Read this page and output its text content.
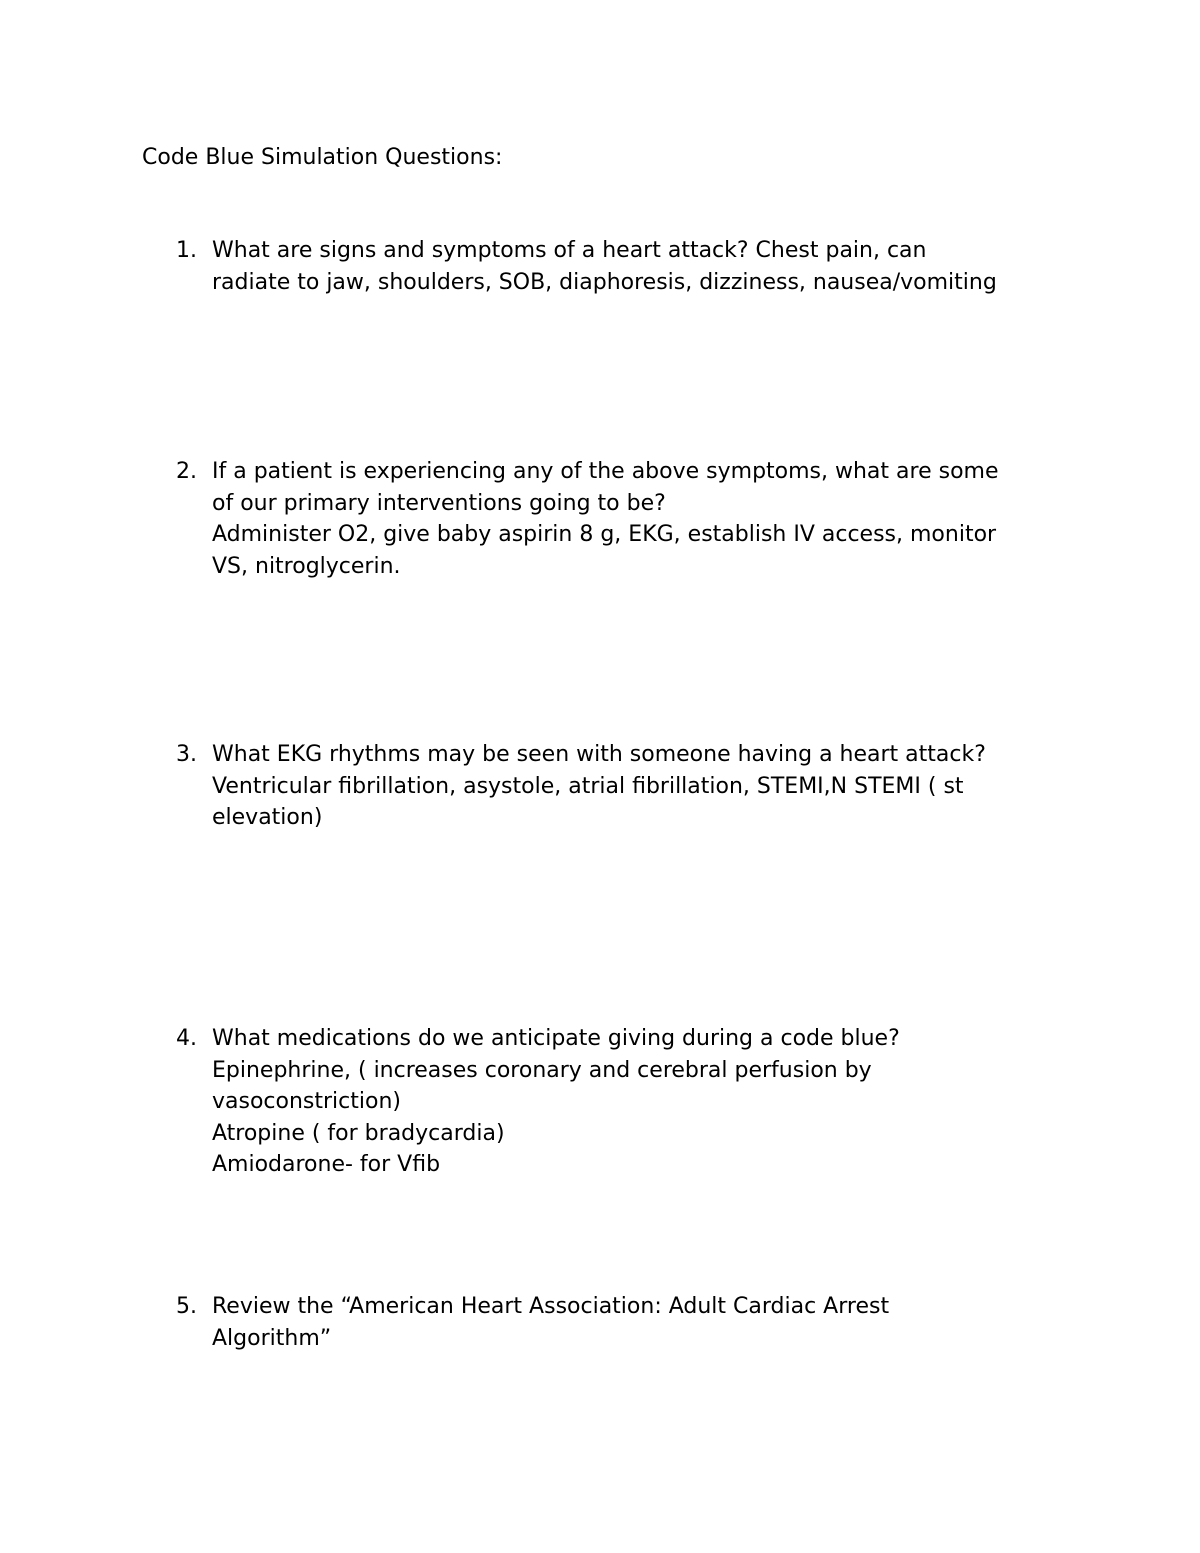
Code Blue Simulation Questions:
1. What are signs and symptoms of a heart attack? Chest pain, can
radiate to jaw, shoulders, SOB, diaphoresis, dizziness, nausea/vomiting
2. If a patient is experiencing any of the above symptoms, what are some
of our primary interventions going to be?
Administer O2, give baby aspirin 8 g, EKG, establish IV access, monitor
VS, nitroglycerin.
3. What EKG rhythms may be seen with someone having a heart attack?
Ventricular fibrillation, asystole, atrial fibrillation, STEMI,N STEMI ( st
elevation)
4. What medications do we anticipate giving during a code blue?
Epinephrine, ( increases coronary and cerebral perfusion by
vasoconstriction)
Atropine ( for bradycardia)
Amiodarone- for Vfib
5. Review the “American Heart Association: Adult Cardiac Arrest
Algorithm”
